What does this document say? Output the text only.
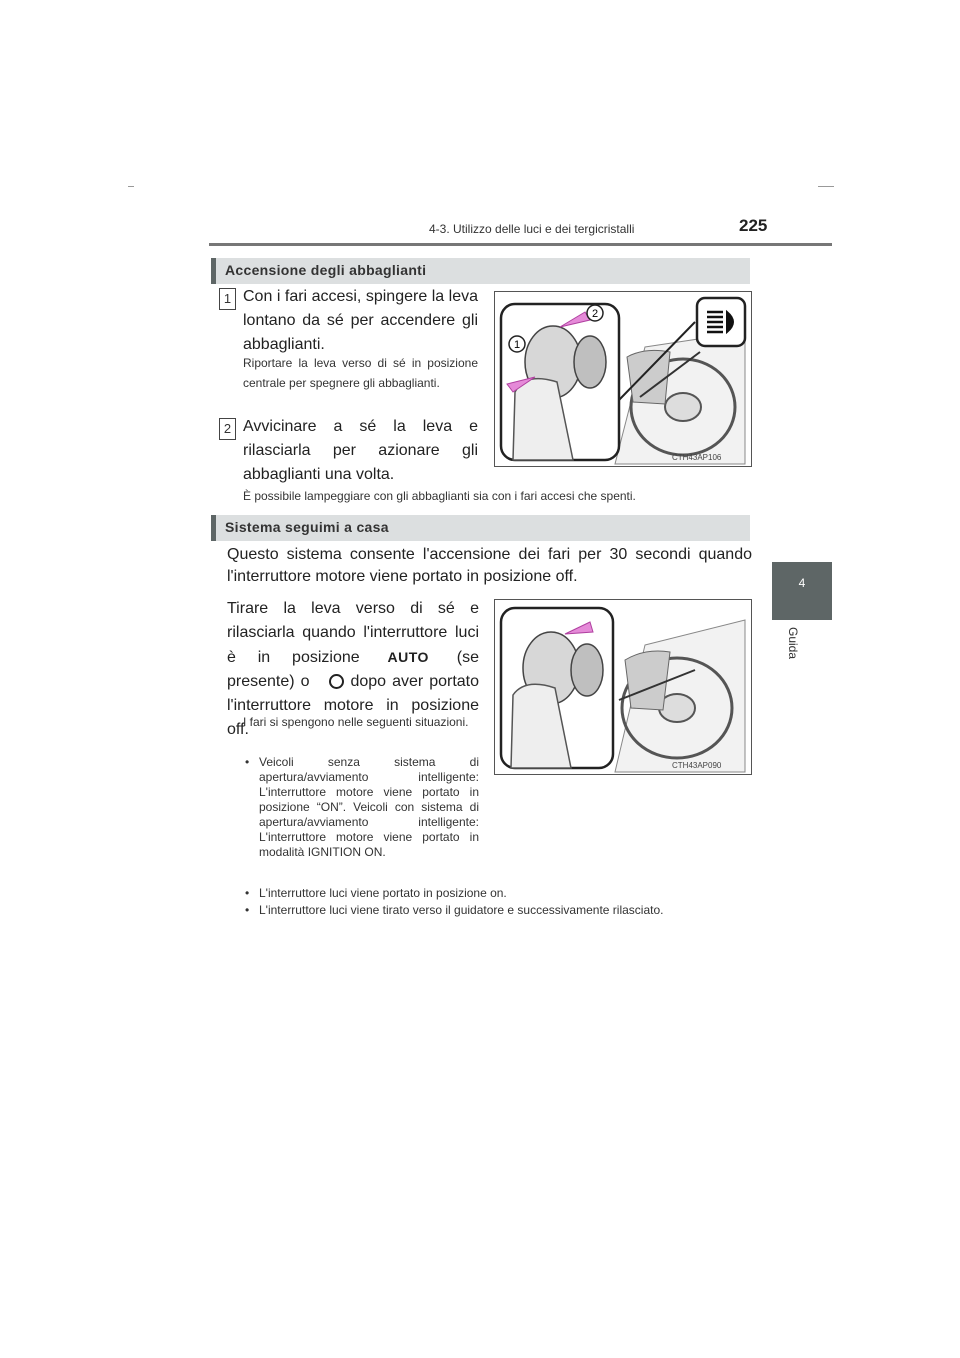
4-3. Utilizzo delle luci e dei tergicristalli	225
4
Guida
Accensione degli abbaglianti
1 Con i fari accesi, spingere la leva lontano da sé per accendere gli abbaglianti.
Riportare la leva verso di sé in posizione centrale per spegnere gli abbaglianti.
2 Avvicinare a sé la leva e rilasciarla per azionare gli abbaglianti una volta.
1
2
CTH43AP106
È possibile lampeggiare con gli abbaglianti sia con i fari accesi che spenti.
Sistema seguimi a casa
Questo sistema consente l'accensione dei fari per 30 secondi quando l'interruttore motore viene portato in posizione off.
Tirare la leva verso di sé e rilasciarla quando l'interruttore luci è in posizione AUTO (se presente) o	dopo aver portato l'interruttore motore in posizione off.
I fari si spengono nelle seguenti situazioni.
• Veicoli senza sistema di apertura/avviamento intelligente: L'interruttore motore viene portato in posizione “ON”. Veicoli con sistema di apertura/avviamento intelligente: L'interruttore motore viene portato in modalità IGNITION ON.
• L'interruttore luci viene portato in posizione on.
• L'interruttore luci viene tirato verso il guidatore e successivamente rilasciato.
CTH43AP090
